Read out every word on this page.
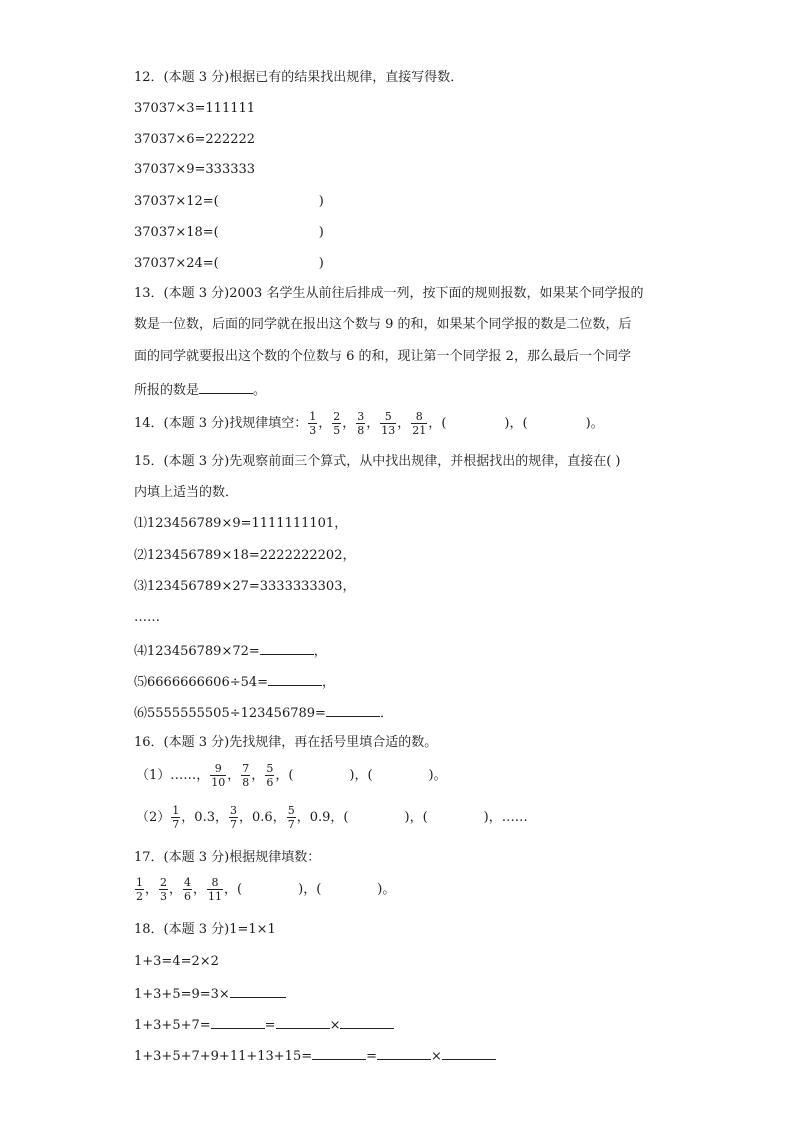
12．(本题 3 分)根据已有的结果找出规律，直接写得数．
37037×3=111111
37037×6=222222
37037×9=333333
37037×12=(	)
37037×18=(	)
37037×24=(	)
13．(本题 3 分)2003 名学生从前往后排成一列，按下面的规则报数，如果某个同学报的
数是一位数，后面的同学就在报出这个数与 9 的和，如果某个同学报的数是二位数，后
面的同学就要报出这个数的个位数与 6 的和，现让第一个同学报 2，那么最后一个同学
所报的数是	。
14．(本题 3 分)找规律填空： $\frac{1}{3}$ ， $\frac{2}{5}$ ， $\frac{3}{8}$ ， $\frac{5}{13}$ ， $\frac{8}{21}$ ， (	) ， (	) 。
15．(本题 3 分)先观察前面三个算式，从中找出规律，并根据找出的规律，直接在( )
内填上适当的数．
⑴123456789×9=1111111101，
⑵123456789×18=2222222202，
⑶123456789×27=3333333303，
……
⑷123456789×72=	，
⑸6666666606÷54=	，
⑹5555555505÷123456789=	．
16．(本题 3 分)先找规律，再在括号里填合适的数。
（1）……， $\frac{9}{10}$ ， $\frac{7}{8}$ ， $\frac{5}{6}$ ，(	)，(	)。
$(2) \frac{1}{7}$ ， 0.3 ， $\frac{3}{7}$ ， 0.6 ， $\frac{5}{7}$ ， 0.9 ，(	)，(	)， ……
17．(本题 3 分)根据规律填数：
$\frac{1}{2}$ ， $\frac{2}{3}$ ， $\frac{4}{6}$ ， $\frac{8}{11}$ ，(	)，(	)。
18．(本题 3 分)1=1×1
1+3=4=2×2
1+3+5=9=3×
1+3+5+7=	=	×
1+3+5+7+9+11+13+15=	=	×
